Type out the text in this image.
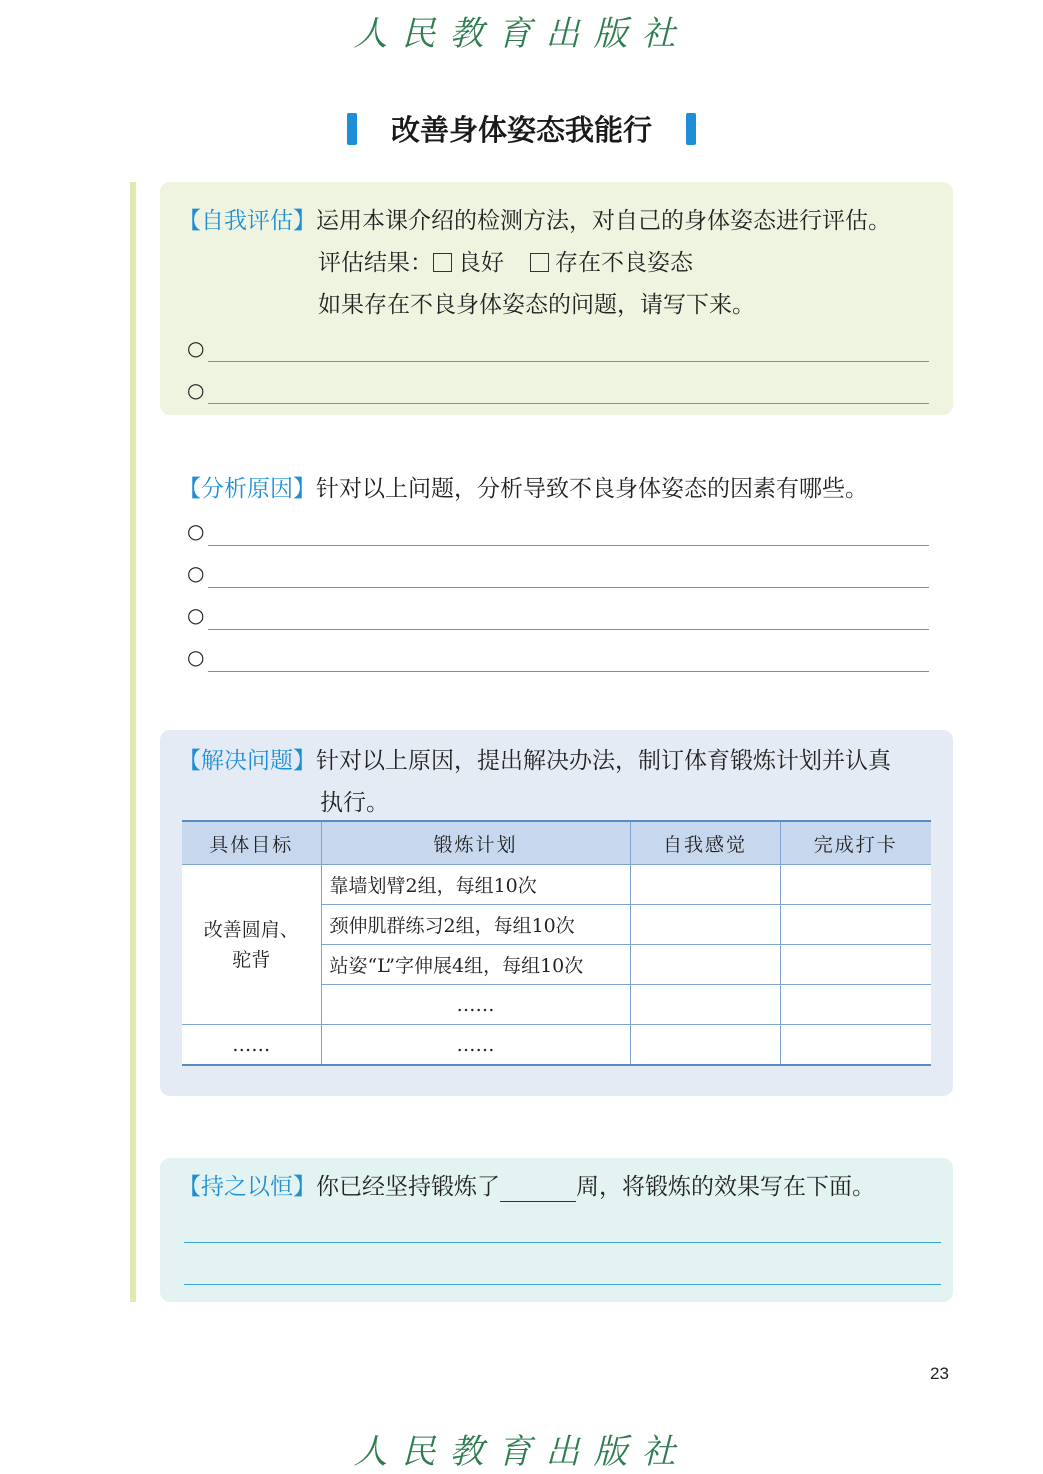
人民教育出版社
改善身体姿态我能行
【自我评估】运用本课介绍的检测方法，对自己的身体姿态进行评估。
评估结果： 良好 存在不良姿态
如果存在不良身体姿态的问题，请写下来。
○
○
【分析原因】针对以上问题，分析导致不良身体姿态的因素有哪些。
○
○
○
○
【解决问题】针对以上原因，提出解决办法，制订体育锻炼计划并认真
执行。
具体目标	锻炼计划	自我感觉	完成打卡
改善圆肩、驼背	靠墙划臂2组，每组10次		
	颈伸肌群练习2组，每组10次		
	站姿“L”字伸展4组，每组10次		
	……		
……	……		
【持之以恒】你已经坚持锻炼了	周，将锻炼的效果写在下面。
23
人民教育出版社
